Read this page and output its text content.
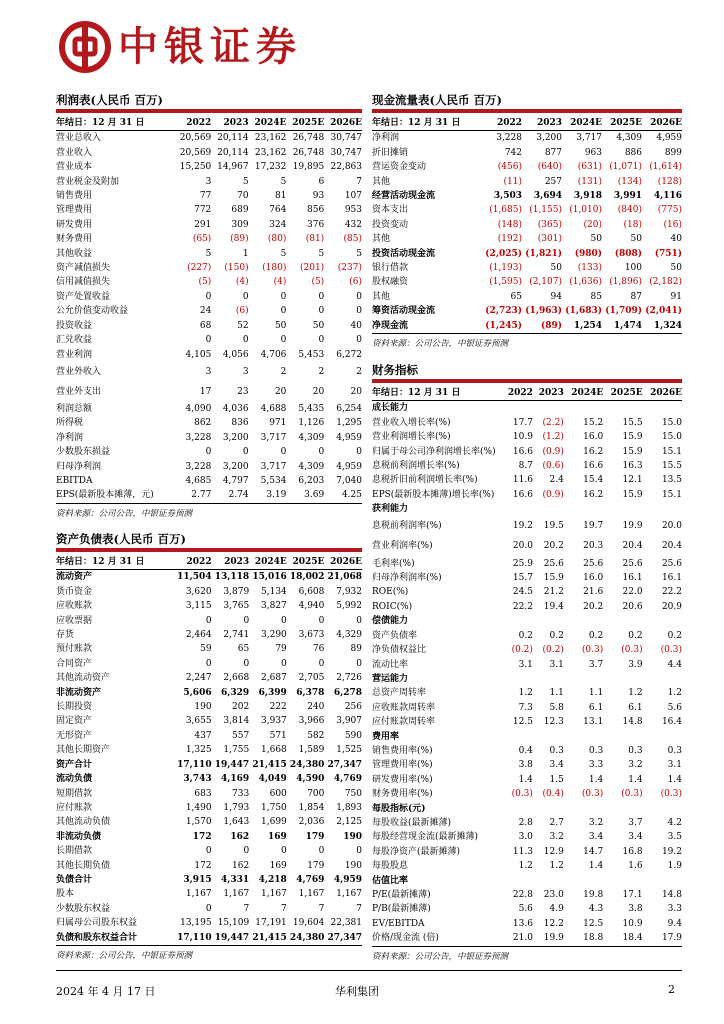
中银证券
利润表(人民币 百万)
年结日：12 月 31 日	2022	2023	2024E	2025E	2026E
营业总收入	20,569	20,114	23,162	26,748	30,747
营业收入	20,569	20,114	23,162	26,748	30,747
营业成本	15,250	14,967	17,232	19,895	22,863
营业税金及附加	3	5	5	6	7
销售费用	77	70	81	93	107
管理费用	772	689	764	856	953
研发费用	291	309	324	376	432
财务费用	(65)	(89)	(80)	(81)	(85)
其他收益	5	1	5	5	5
资产减值损失	(227)	(150)	(180)	(201)	(237)
信用减值损失	(5)	(4)	(4)	(5)	(6)
资产处置收益	0	0	0	0	0
公允价值变动收益	24	(6)	0	0	0
投资收益	68	52	50	50	40
汇兑收益	0	0	0	0	0
营业利润	4,105	4,056	4,706	5,453	6,272
营业外收入	3	3	2	2	2
营业外支出	17	23	20	20	20
利润总额	4,090	4,036	4,688	5,435	6,254
所得税	862	836	971	1,126	1,295
净利润	3,228	3,200	3,717	4,309	4,959
少数股东损益	0	0	0	0	0
归母净利润	3,228	3,200	3,717	4,309	4,959
EBITDA	4,685	4,797	5,534	6,203	7,040
EPS(最新股本摊薄，元)	2.77	2.74	3.19	3.69	4.25
资料来源：公司公告，中银证券预测
资产负债表(人民币 百万)
年结日：12 月 31 日	2022	2023	2024E	2025E	2026E
流动资产	11,504	13,118	15,016	18,002	21,068
货币资金	3,620	3,879	5,134	6,608	7,932
应收账款	3,115	3,765	3,827	4,940	5,992
应收票据	0	0	0	0	0
存货	2,464	2,741	3,290	3,673	4,329
预付账款	59	65	79	76	89
合同资产	0	0	0	0	0
其他流动资产	2,247	2,668	2,687	2,705	2,726
非流动资产	5,606	6,329	6,399	6,378	6,278
长期投资	190	202	222	240	256
固定资产	3,655	3,814	3,937	3,966	3,907
无形资产	437	557	571	582	590
其他长期资产	1,325	1,755	1,668	1,589	1,525
资产合计	17,110	19,447	21,415	24,380	27,347
流动负债	3,743	4,169	4,049	4,590	4,769
短期借款	683	733	600	700	750
应付账款	1,490	1,793	1,750	1,854	1,893
其他流动负债	1,570	1,643	1,699	2,036	2,125
非流动负债	172	162	169	179	190
长期借款	0	0	0	0	0
其他长期负债	172	162	169	179	190
负债合计	3,915	4,331	4,218	4,769	4,959
股本	1,167	1,167	1,167	1,167	1,167
少数股东权益	0	7	7	7	7
归属母公司股东权益	13,195	15,109	17,191	19,604	22,381
负债和股东权益合计	17,110	19,447	21,415	24,380	27,347
资料来源：公司公告，中银证券预测
现金流量表(人民币 百万)
年结日：12 月 31 日	2022	2023	2024E	2025E	2026E
净利润	3,228	3,200	3,717	4,309	4,959
折旧摊销	742	877	963	886	899
营运资金变动	(456)	(640)	(631)	(1,071)	(1,614)
其他	(11)	257	(131)	(134)	(128)
经营活动现金流	3,503	3,694	3,918	3,991	4,116
资本支出	(1,685)	(1,155)	(1,010)	(840)	(775)
投资变动	(148)	(365)	(20)	(18)	(16)
其他	(192)	(301)	50	50	40
投资活动现金流	(2,025)	(1,821)	(980)	(808)	(751)
银行借款	(1,193)	50	(133)	100	50
股权融资	(1,595)	(2,107)	(1,636)	(1,896)	(2,182)
其他	65	94	85	87	91
筹资活动现金流	(2,723)	(1,963)	(1,683)	(1,709)	(2,041)
净现金流	(1,245)	(89)	1,254	1,474	1,324
资料来源：公司公告，中银证券预测
财务指标
年结日：12 月 31 日	2022	2023	2024E	2025E	2026E
成长能力					
营业收入增长率(%)	17.7	(2.2)	15.2	15.5	15.0
营业利润增长率(%)	10.9	(1.2)	16.0	15.9	15.0
归属于母公司净利润增长率(%)	16.6	(0.9)	16.2	15.9	15.1
息税前利润增长率(%)	8.7	(0.6)	16.6	16.3	15.5
息税折旧前利润增长率(%)	11.6	2.4	15.4	12.1	13.5
EPS(最新股本摊薄)增长率(%)	16.6	(0.9)	16.2	15.9	15.1
获利能力					
息税前利润率(%)	19.2	19.5	19.7	19.9	20.0
营业利润率(%)	20.0	20.2	20.3	20.4	20.4
毛利率(%)	25.9	25.6	25.6	25.6	25.6
归母净利润率(%)	15.7	15.9	16.0	16.1	16.1
ROE(%)	24.5	21.2	21.6	22.0	22.2
ROIC(%)	22.2	19.4	20.2	20.6	20.9
偿债能力					
资产负债率	0.2	0.2	0.2	0.2	0.2
净负债权益比	(0.2)	(0.2)	(0.3)	(0.3)	(0.3)
流动比率	3.1	3.1	3.7	3.9	4.4
营运能力					
总资产周转率	1.2	1.1	1.1	1.2	1.2
应收账款周转率	7.3	5.8	6.1	6.1	5.6
应付账款周转率	12.5	12.3	13.1	14.8	16.4
费用率					
销售费用率(%)	0.4	0.3	0.3	0.3	0.3
管理费用率(%)	3.8	3.4	3.3	3.2	3.1
研发费用率(%)	1.4	1.5	1.4	1.4	1.4
财务费用率(%)	(0.3)	(0.4)	(0.3)	(0.3)	(0.3)
每股指标(元)					
每股收益(最新摊薄)	2.8	2.7	3.2	3.7	4.2
每股经营现金流(最新摊薄)	3.0	3.2	3.4	3.4	3.5
每股净资产(最新摊薄)	11.3	12.9	14.7	16.8	19.2
每股股息	1.2	1.2	1.4	1.6	1.9
估值比率					
P/E(最新摊薄)	22.8	23.0	19.8	17.1	14.8
P/B(最新摊薄)	5.6	4.9	4.3	3.8	3.3
EV/EBITDA	13.6	12.2	12.5	10.9	9.4
价格/现金流 (倍)	21.0	19.9	18.8	18.4	17.9
资料来源：公司公告，中银证券预测
2024 年 4 月 17 日	华利集团	2
